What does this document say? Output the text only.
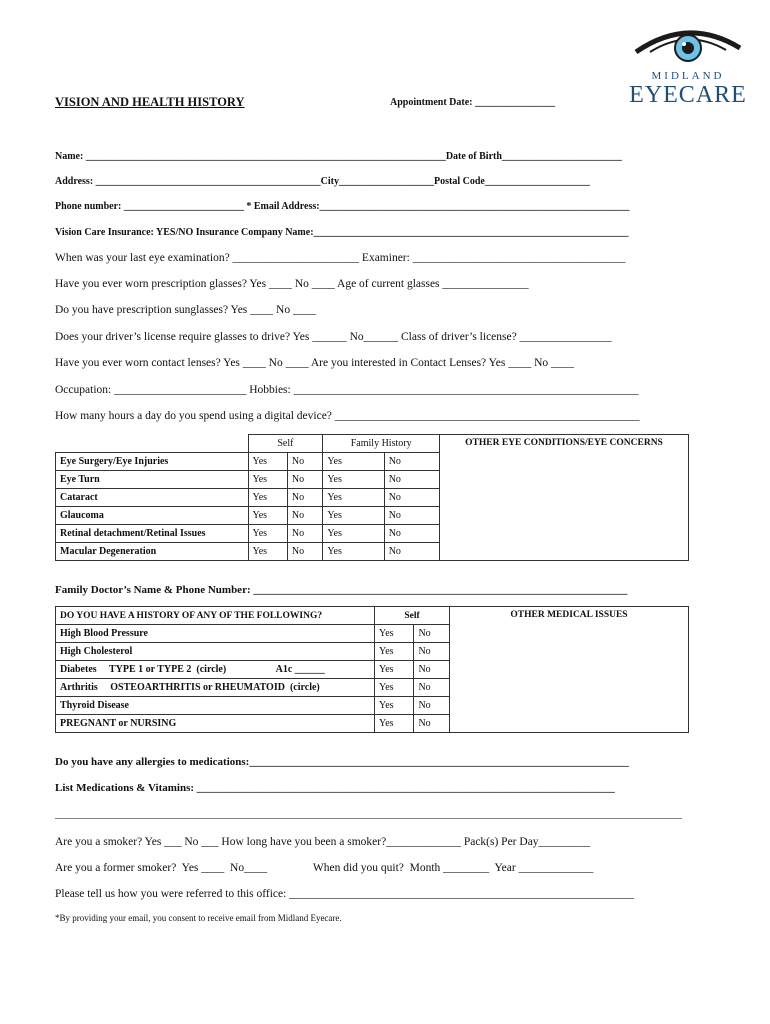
VISION AND HEALTH HISTORY	Appointment Date: ________________
MIDLAND
EYECARE
Name: ________________________________________________________________________Date of Birth________________________
Address: _____________________________________________City___________________Postal Code_____________________
Phone number: ________________________ * Email Address:______________________________________________________________
Vision Care Insurance: YES/NO Insurance Company Name:_______________________________________________________________
When was your last eye examination? ______________________ Examiner: _____________________________________
Have you ever worn prescription glasses? Yes ____ No ____ Age of current glasses _______________
Do you have prescription sunglasses? Yes ____ No ____
Does your driver’s license require glasses to drive? Yes ______ No______ Class of driver’s license? ________________
Have you ever worn contact lenses? Yes ____ No ____ Are you interested in Contact Lenses? Yes ____ No ____
Occupation: _______________________ Hobbies: ____________________________________________________________
How many hours a day do you spend using a digital device? _____________________________________________________
	Self		Family History		OTHER EYE CONDITIONS/EYE CONCERNS
Eye Surgery/Eye Injuries	Yes	No	Yes	No	
Eye Turn	Yes	No	Yes	No	
Cataract	Yes	No	Yes	No	
Glaucoma	Yes	No	Yes	No	
Retinal detachment/Retinal Issues	Yes	No	Yes	No	
Macular Degeneration	Yes	No	Yes	No	
Family Doctor’s Name & Phone Number: ____________________________________________________________________
DO YOU HAVE A HISTORY OF ANY OF THE FOLLOWING?	Self		OTHER MEDICAL ISSUES
High Blood Pressure	Yes	No	
High Cholesterol	Yes	No	
Diabetes     TYPE 1 or TYPE 2  (circle)                    A1c ______	Yes	No	
Arthritis     OSTEOARTHRITIS or RHEUMATOID  (circle)	Yes	No	
Thyroid Disease	Yes	No	
PREGNANT or NURSING	Yes	No	
Do you have any allergies to medications:_____________________________________________________________________
List Medications & Vitamins: ____________________________________________________________________________
__________________________________________________________________________________________________________________
Are you a smoker? Yes ___ No ___ How long have you been a smoker?_____________ Pack(s) Per Day_________
Are you a former smoker?  Yes ____  No____                When did you quit?  Month ________  Year _____________
Please tell us how you were referred to this office: ____________________________________________________________
*By providing your email, you consent to receive email from Midland Eyecare.
